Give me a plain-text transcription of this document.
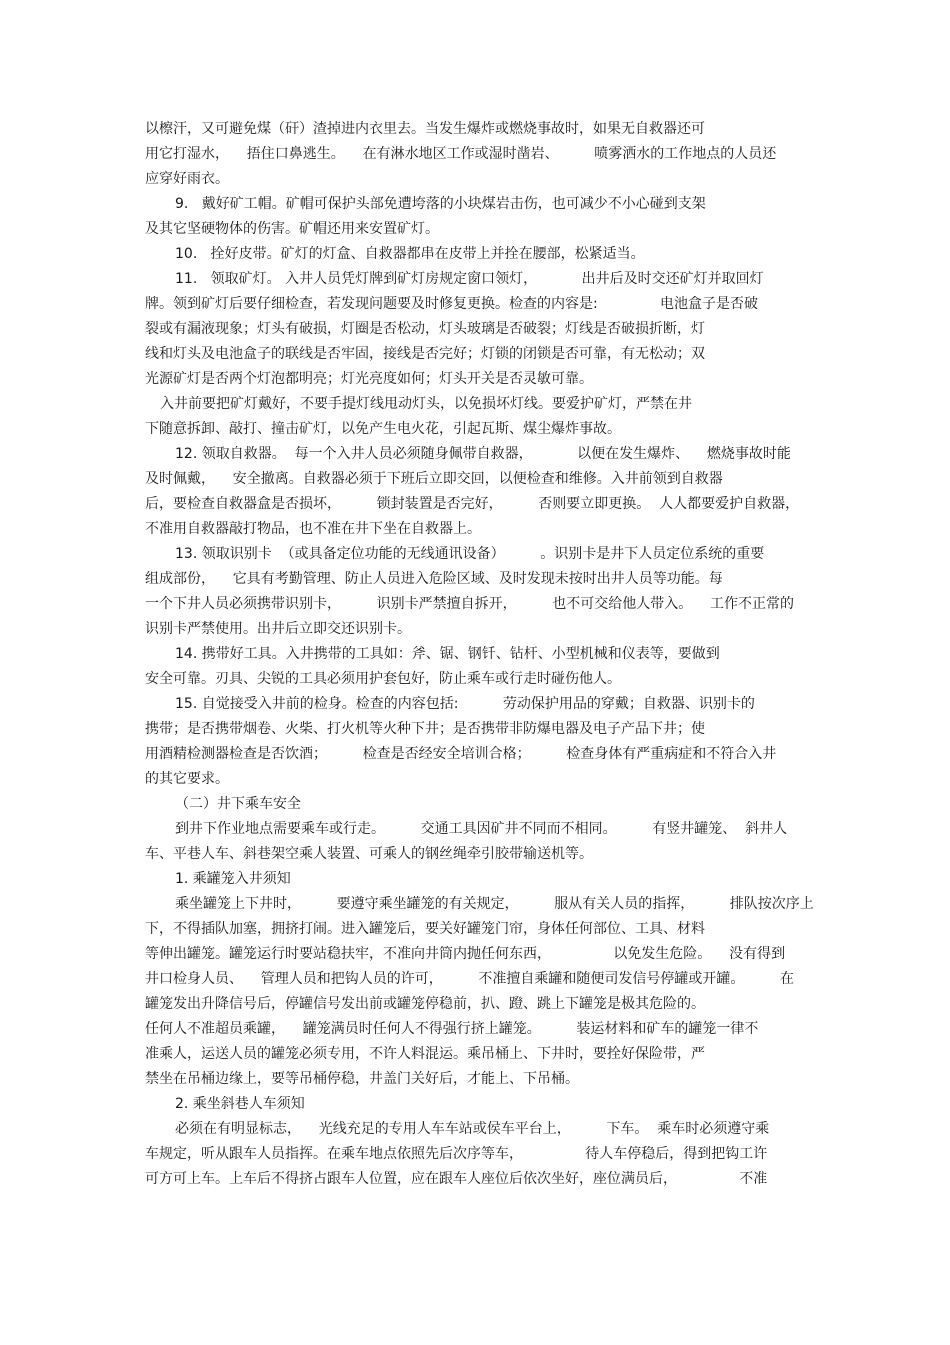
以檫汗，又可避免煤（矸）渣掉进内衣里去。当发生爆炸或燃烧事故时，如果无自救器还可
用它打湿水，    捂住口鼻逃生。    在有淋水地区工作或湿时凿岩、        喷雾洒水的工作地点的人员还
应穿好雨衣。
9.   戴好矿工帽。矿帽可保护头部免遭垮落的小块煤岩击伤，也可减少不小心碰到支架
及其它坚硬物体的伤害。矿帽还用来安置矿灯。
10.   拴好皮带。矿灯的灯盒、自救器都串在皮带上并拴在腰部，松紧适当。
11.   领取矿灯。 入井人员凭灯牌到矿灯房规定窗口领灯，          出井后及时交还矿灯并取回灯
牌。领到矿灯后要仔细检查，若发现问题要及时修复更换。检查的内容是:              电池盒子是否破
裂或有漏液现象；灯头有破损，灯圈是否松动，灯头玻璃是否破裂；灯线是否破损折断，灯
线和灯头及电池盒子的联线是否牢固，接线是否完好；灯锁的闭锁是否可靠，有无松动；双
光源矿灯是否两个灯泡都明亮；灯光亮度如何；灯头开关是否灵敏可靠。
入井前要把矿灯戴好，不要手提灯线甩动灯头，以免损坏灯线。要爱护矿灯，严禁在井
下随意拆卸、敲打、撞击矿灯，以免产生电火花，引起瓦斯、煤尘爆炸事故。
12. 领取自救器。  每一个入井人员必须随身佩带自救器，          以便在发生爆炸、    燃烧事故时能
及时佩戴，    安全撤离。自救器必须于下班后立即交回，以便检查和维修。入井前领到自救器
后，要检查自救器盒是否损坏，        锁封装置是否完好，        否则要立即更换。  人人都要爱护自救器，
不准用自救器敲打物品，也不准在井下坐在自救器上。
13. 领取识别卡  （或具备定位功能的无线通讯设备）        。识别卡是井下人员定位系统的重要
组成部份，    它具有考勤管理、防止人员进入危险区域、及时发现未按时出井人员等功能。每
一个下井人员必须携带识别卡，        识别卡严禁擅自拆开，        也不可交给他人带入。    工作不正常的
识别卡严禁使用。出井后立即交还识别卡。
14. 携带好工具。入井携带的工具如：斧、锯、钢钎、钻杆、小型机械和仪表等，要做到
安全可靠。刃具、尖锐的工具必须用护套包好，防止乘车或行走时碰伤他人。
15. 自觉接受入井前的检身。检查的内容包括:          劳动保护用品的穿戴；自救器、识别卡的
携带；是否携带烟卷、火柴、打火机等火种下井；是否携带非防爆电器及电子产品下井；使
用酒精检测器检查是否饮酒；        检查是否经安全培训合格；        检查身体有严重病症和不符合入井
的其它要求。
（二）井下乘车安全
到井下作业地点需要乘车或行走。        交通工具因矿井不同而不相同。        有竖井罐笼、  斜井人
车、平巷人车、斜巷架空乘人装置、可乘人的钢丝绳牵引胶带输送机等。
1. 乘罐笼入井须知
乘坐罐笼上下井时，        要遵守乘坐罐笼的有关规定，        服从有关人员的指挥，        排队按次序上
下，不得插队加塞，拥挤打闹。进入罐笼后，要关好罐笼门帘，身体任何部位、工具、材料
等伸出罐笼。罐笼运行时要站稳扶牢，不准向井筒内抛任何东西，              以免发生危险。    没有得到
井口检身人员、    管理人员和把钩人员的许可，        不准擅自乘罐和随便司发信号停罐或开罐。        在
罐笼发出升降信号后，停罐信号发出前或罐笼停稳前，扒、蹬、跳上下罐笼是极其危险的。
任何人不准超员乘罐，    罐笼满员时任何人不得强行挤上罐笼。        装运材料和矿车的罐笼一律不
准乘人，运送人员的罐笼必须专用，不许人料混运。乘吊桶上、下井时，要拴好保险带，严
禁坐在吊桶边缘上，要等吊桶停稳，井盖门关好后，才能上、下吊桶。
2. 乘坐斜巷人车须知
必须在有明显标志，    光线充足的专用人车车站或侯车平台上，        下车。  乘车时必须遵守乘
车规定，听从跟车人员指挥。在乘车地点依照先后次序等车，              待人车停稳后，得到把钩工许
可方可上车。上车后不得挤占跟车人位置，应在跟车人座位后依次坐好，座位满员后，              不准
